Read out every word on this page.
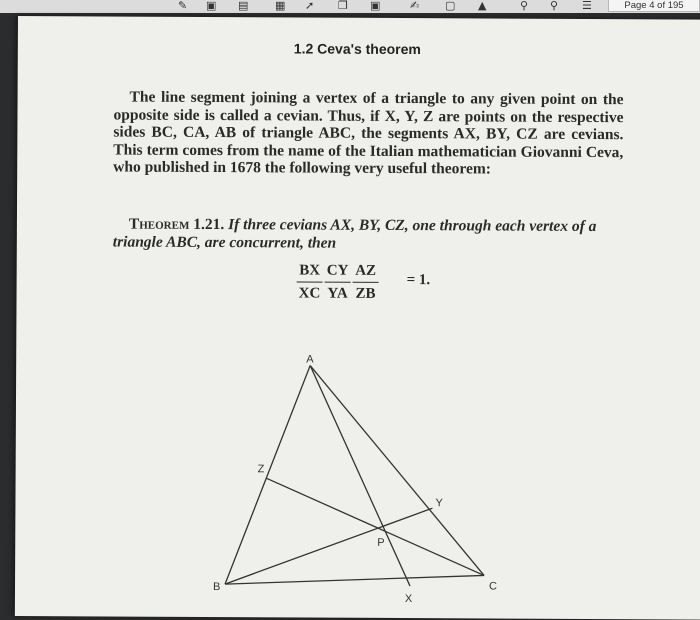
✎ ▣ ▤ ▦ ➚ ❐ ▣	✍ ▢ ▲	⚲ ⚲ ☰	Page 4 of 195
1.2 Ceva's theorem

The line segment joining a vertex of a triangle to any given point on the opposite side is called a cevian. Thus, if X, Y, Z are points on the respective sides BC, CA, AB of triangle ABC, the segments AX, BY, CZ are cevians. This term comes from the name of the Italian mathematician Giovanni Ceva, who published in 1678 the following very useful theorem:

Theorem 1.21. If three cevians AX, BY, CZ, one through each vertex of a triangle ABC, are concurrent, then

$\frac{BX}{XC} \frac{CY}{YA} \frac{AZ}{ZB} = 1$.
A
B	C
X
Y
Z
P
